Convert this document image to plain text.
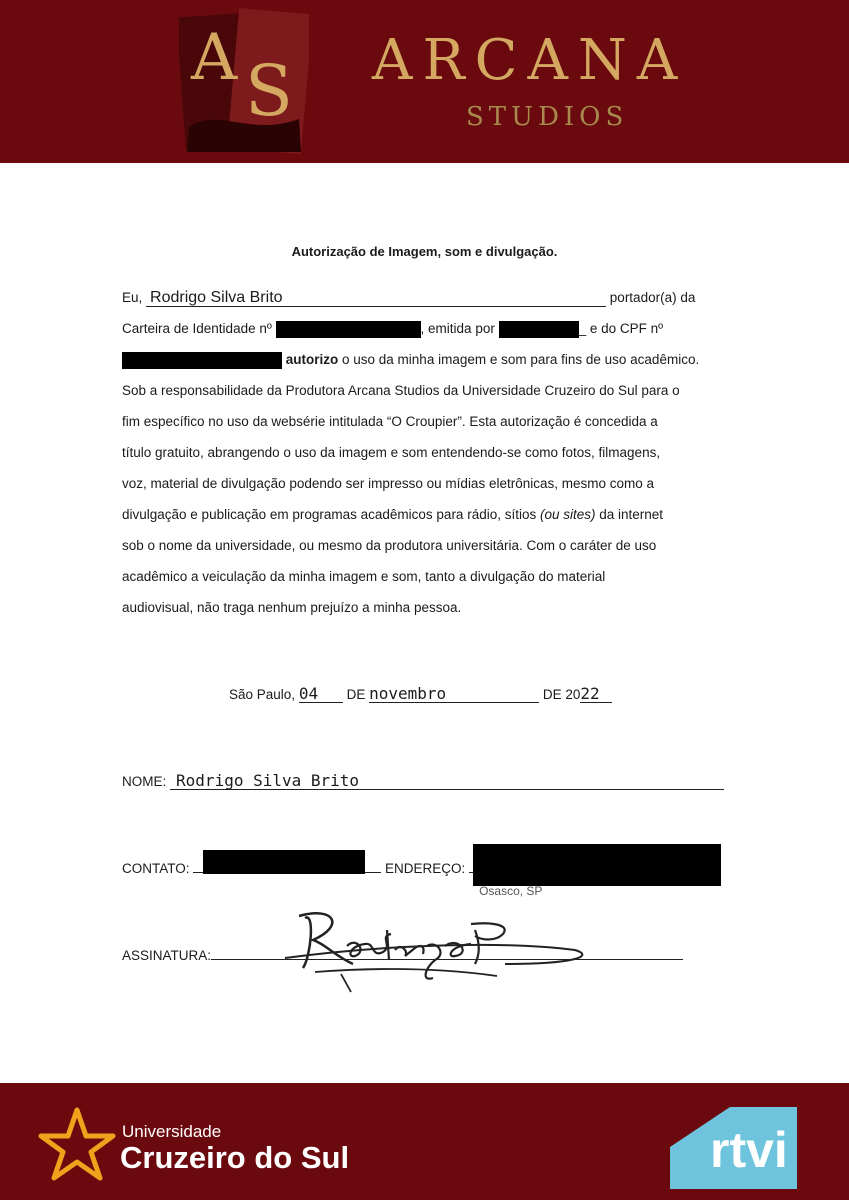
A S ARCANA
STUDIOS
Autorização de Imagem, som e divulgação.
Eu, Rodrigo Silva Brito	portador(a) da
Carteira de Identidade nº	, emitida por	_ e do CPF nº
autorizo o uso da minha imagem e som para fins de uso acadêmico.
Sob a responsabilidade da Produtora Arcana Studios da Universidade Cruzeiro do Sul para o
fim específico no uso da websérie intitulada “O Croupier”. Esta autorização é concedida a
título gratuito, abrangendo o uso da imagem e som entendendo-se como fotos, filmagens,
voz, material de divulgação podendo ser impresso ou mídias eletrônicas, mesmo como a
divulgação e publicação em programas acadêmicos para rádio, sítios (ou sites) da internet
sob o nome da universidade, ou mesmo da produtora universitária. Com o caráter de uso
acadêmico a veiculação da minha imagem e som, tanto a divulgação do material
audiovisual, não traga nenhum prejuízo a minha pessoa.
São Paulo, 04 DE novembro	DE 2022
NOME: Rodrigo Silva Brito
CONTATO:	ENDEREÇO:
Osasco, SP
ASSINATURA:
Universidade
Cruzeiro do Sul	rtvi
